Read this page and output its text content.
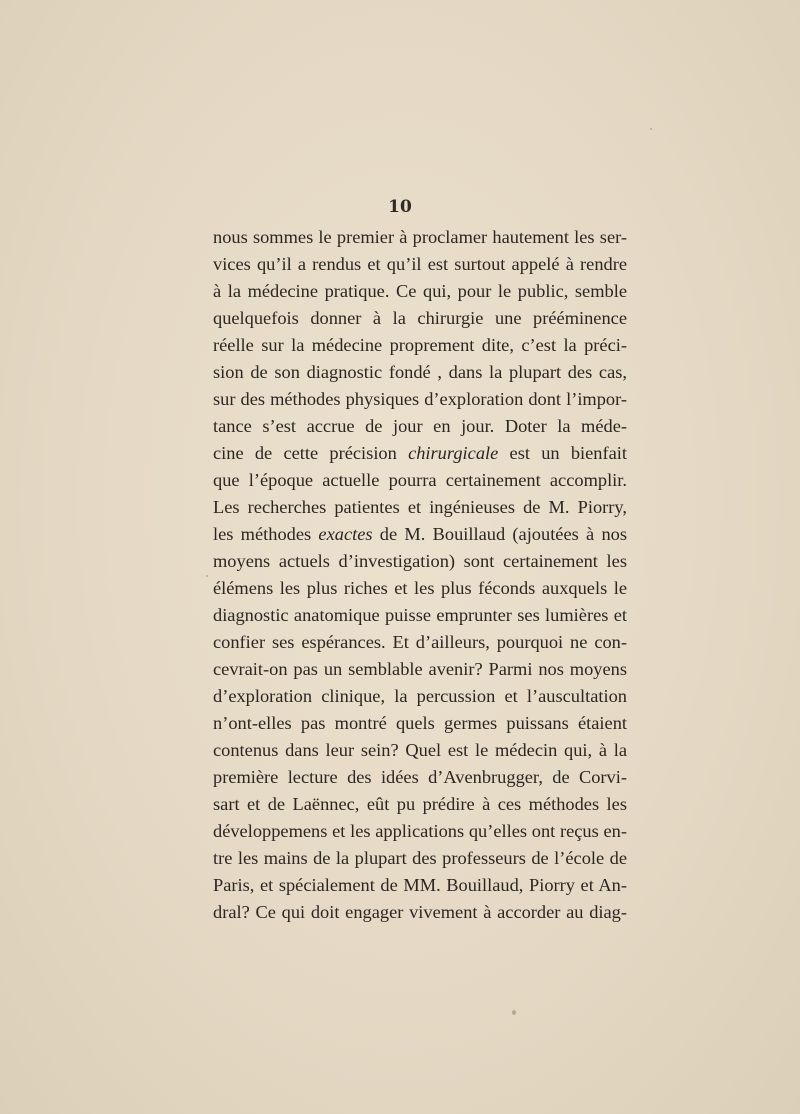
10
nous sommes le premier à proclamer hautement les ser-
vices qu’il a rendus et qu’il est surtout appelé à rendre
à la médecine pratique. Ce qui, pour le public, semble
quelquefois donner à la chirurgie une prééminence
réelle sur la médecine proprement dite, c’est la préci-
sion de son diagnostic fondé , dans la plupart des cas,
sur des méthodes physiques d’exploration dont l’impor-
tance s’est accrue de jour en jour. Doter la méde-
cine de cette précision chirurgicale est un bienfait
que l’époque actuelle pourra certainement accomplir.
Les recherches patientes et ingénieuses de M. Piorry,
les méthodes exactes de M. Bouillaud (ajoutées à nos
moyens actuels d’investigation) sont certainement les
élémens les plus riches et les plus féconds auxquels le
diagnostic anatomique puisse emprunter ses lumières et
confier ses espérances. Et d’ailleurs, pourquoi ne con-
cevrait-on pas un semblable avenir? Parmi nos moyens
d’exploration clinique, la percussion et l’auscultation
n’ont-elles pas montré quels germes puissans étaient
contenus dans leur sein? Quel est le médecin qui, à la
première lecture des idées d’Avenbrugger, de Corvi-
sart et de Laënnec, eût pu prédire à ces méthodes les
développemens et les applications qu’elles ont reçus en-
tre les mains de la plupart des professeurs de l’école de
Paris, et spécialement de MM. Bouillaud, Piorry et An-
dral? Ce qui doit engager vivement à accorder au diag-
